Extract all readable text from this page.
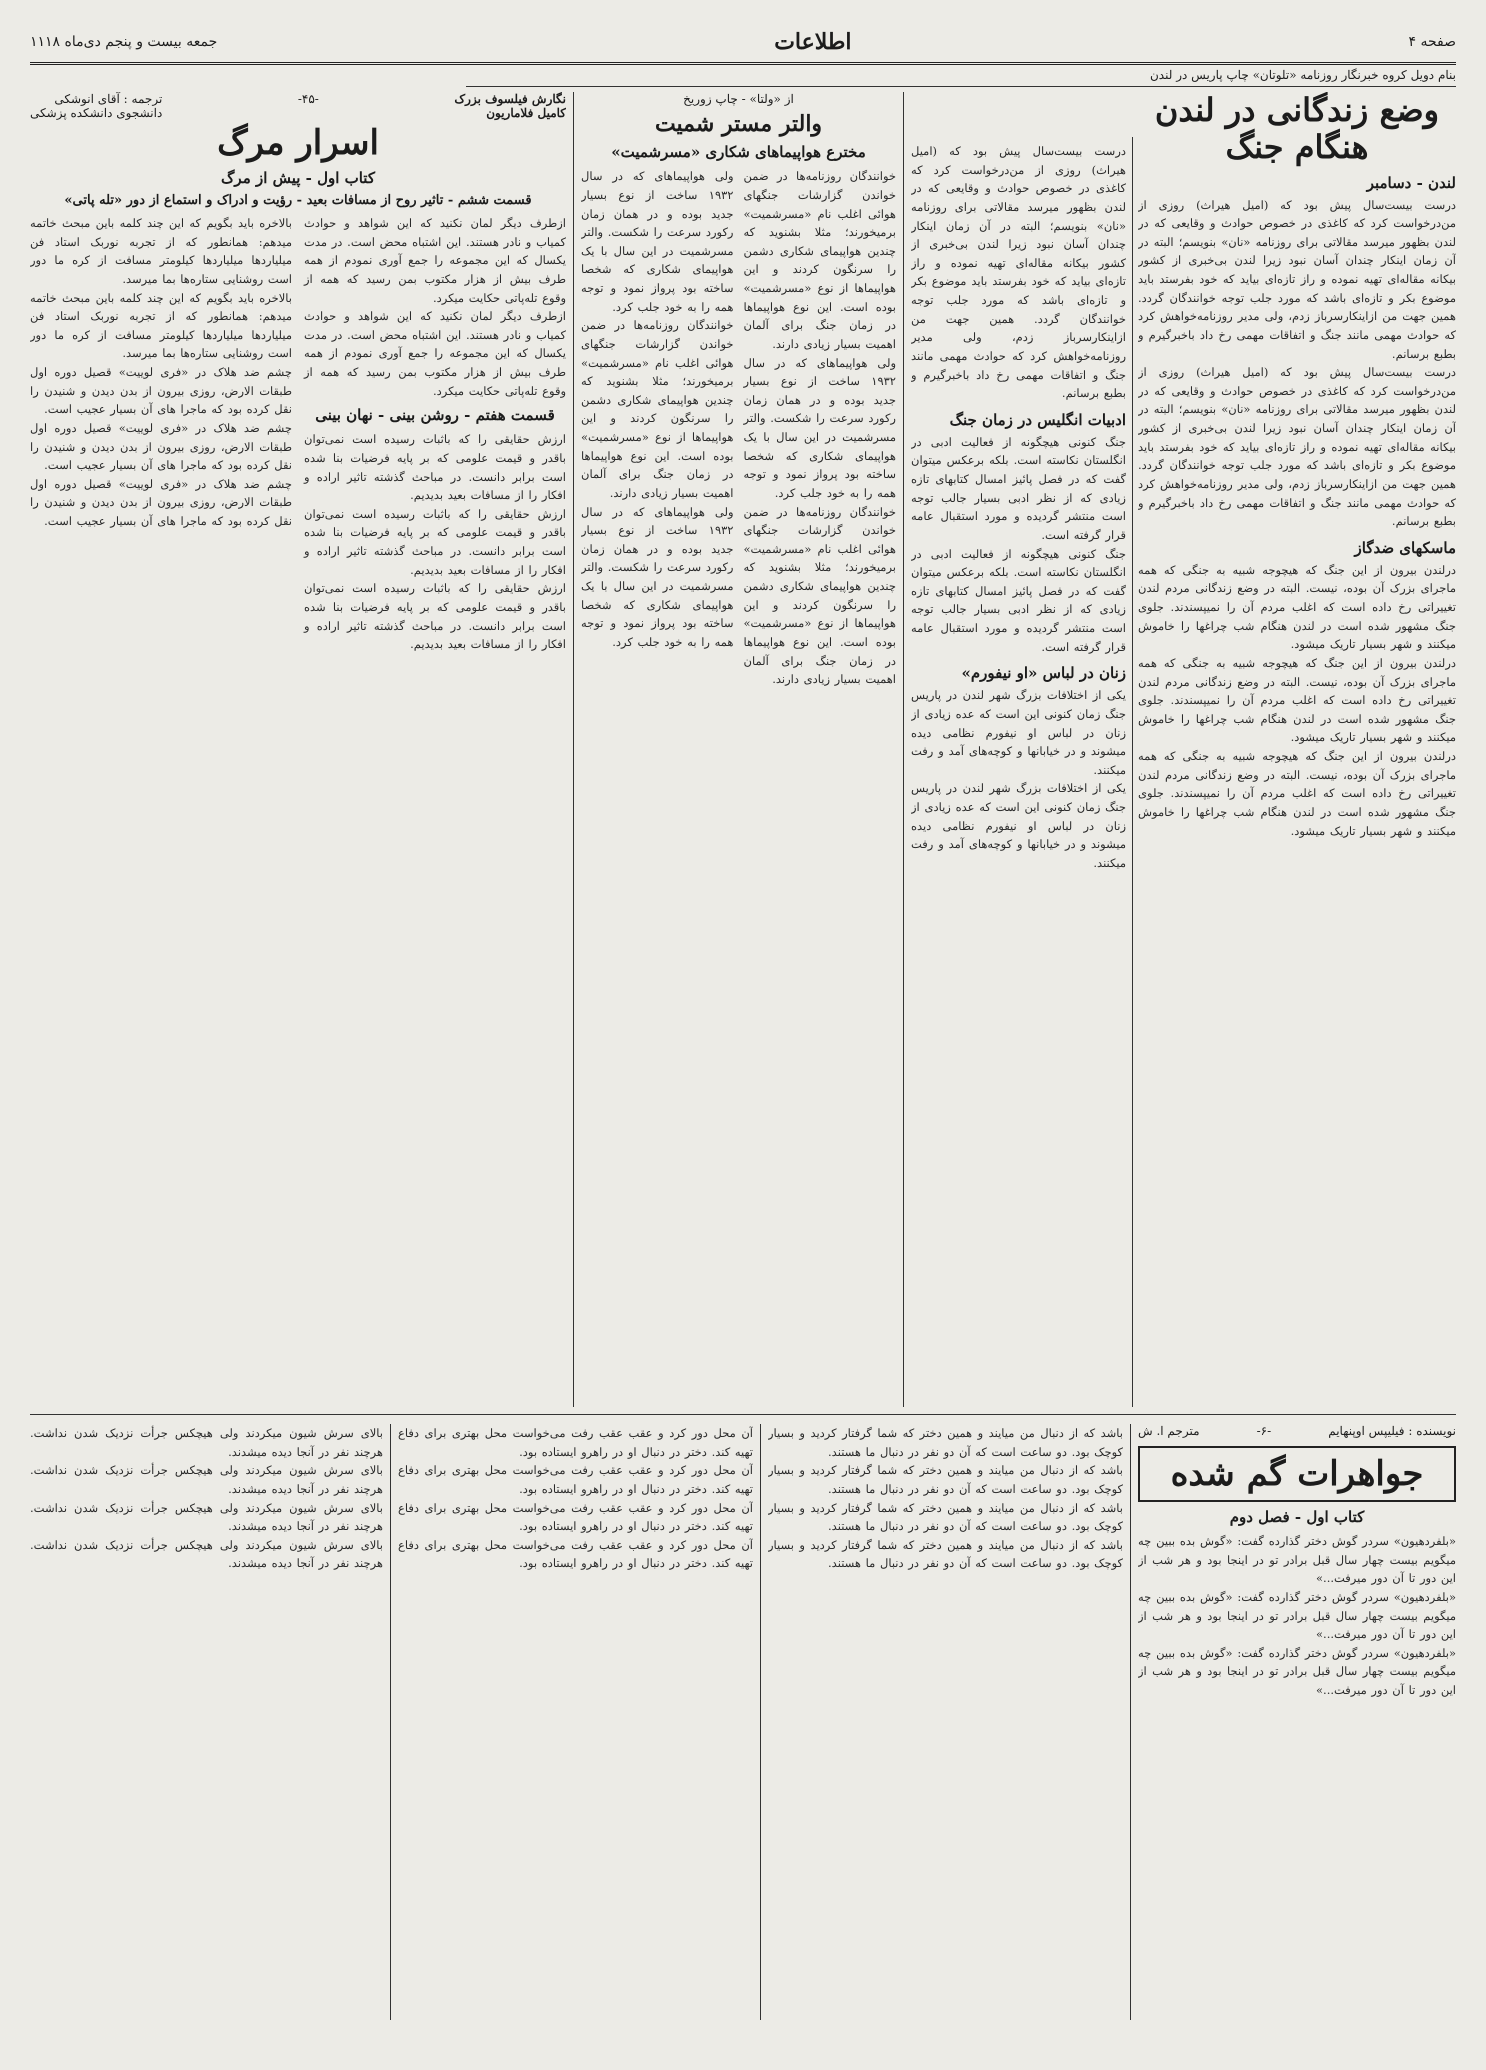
صفحه ۴
اطلاعات
جمعه بیست و پنجم دی‌ماه ۱۱۱۸
بنام دویل کروه خبرنگار روزنامه «تلوتان» چاپ پاریس در لندن
وضع زندگانی در لندن هنگام جنگ
لندن - دسامبر
درست بیست‌سال پیش بود که (امیل هیراث) روزی از من‌درخواست کرد که کاغذی در خصوص حوادث و وقایعی که در لندن بظهور میرسد مقالاتی برای روزنامه «نان» بنویسم؛ البته در آن زمان اینکار چندان آسان نبود زیرا لندن بی‌خبری از کشور بیکانه مقاله‌ای تهیه نموده و راز تازه‌ای بیاید که خود بفرستد باید موضوع بکر و تازه‌ای باشد که مورد جلب توجه خوانندگان گردد. همین جهت من ازاینکارسرباز زدم، ولی مدیر روزنامه‌خواهش کرد که حوادث مهمی مانند جنگ و اتفاقات مهمی رخ داد باخبرگیرم و بطبع برسانم.
درست بیست‌سال پیش بود که (امیل هیراث) روزی از من‌درخواست کرد که کاغذی در خصوص حوادث و وقایعی که در لندن بظهور میرسد مقالاتی برای روزنامه «نان» بنویسم؛ البته در آن زمان اینکار چندان آسان نبود زیرا لندن بی‌خبری از کشور بیکانه مقاله‌ای تهیه نموده و راز تازه‌ای بیاید که خود بفرستد باید موضوع بکر و تازه‌ای باشد که مورد جلب توجه خوانندگان گردد. همین جهت من ازاینکارسرباز زدم، ولی مدیر روزنامه‌خواهش کرد که حوادث مهمی مانند جنگ و اتفاقات مهمی رخ داد باخبرگیرم و بطبع برسانم.
ماسکهای ضدگاز
درلندن بیرون از این جنگ که هیچوجه شبیه به جنگی که همه ماجرای بزرک آن بوده، نیست. البته در وضع زندگانی مردم لندن تغییراتی رخ داده است که اغلب مردم آن را نمیپسندند. جلوی جنگ مشهور شده است در لندن هنگام شب چراغها را خاموش میکنند و شهر بسیار تاریک میشود.
درلندن بیرون از این جنگ که هیچوجه شبیه به جنگی که همه ماجرای بزرک آن بوده، نیست. البته در وضع زندگانی مردم لندن تغییراتی رخ داده است که اغلب مردم آن را نمیپسندند. جلوی جنگ مشهور شده است در لندن هنگام شب چراغها را خاموش میکنند و شهر بسیار تاریک میشود.
درلندن بیرون از این جنگ که هیچوجه شبیه به جنگی که همه ماجرای بزرک آن بوده، نیست. البته در وضع زندگانی مردم لندن تغییراتی رخ داده است که اغلب مردم آن را نمیپسندند. جلوی جنگ مشهور شده است در لندن هنگام شب چراغها را خاموش میکنند و شهر بسیار تاریک میشود.
درست بیست‌سال پیش بود که (امیل هیراث) روزی از من‌درخواست کرد که کاغذی در خصوص حوادث و وقایعی که در لندن بظهور میرسد مقالاتی برای روزنامه «نان» بنویسم؛ البته در آن زمان اینکار چندان آسان نبود زیرا لندن بی‌خبری از کشور بیکانه مقاله‌ای تهیه نموده و راز تازه‌ای بیاید که خود بفرستد باید موضوع بکر و تازه‌ای باشد که مورد جلب توجه خوانندگان گردد. همین جهت من ازاینکارسرباز زدم، ولی مدیر روزنامه‌خواهش کرد که حوادث مهمی مانند جنگ و اتفاقات مهمی رخ داد باخبرگیرم و بطبع برسانم.
ادبیات انگلیس در زمان جنگ
جنگ کنونی هیچگونه از فعالیت ادبی در انگلستان نکاسته است. بلکه برعکس میتوان گفت که در فصل پائیز امسال کتابهای تازه زیادی که از نظر ادبی بسیار جالب توجه است منتشر گردیده و مورد استقبال عامه قرار گرفته است.
جنگ کنونی هیچگونه از فعالیت ادبی در انگلستان نکاسته است. بلکه برعکس میتوان گفت که در فصل پائیز امسال کتابهای تازه زیادی که از نظر ادبی بسیار جالب توجه است منتشر گردیده و مورد استقبال عامه قرار گرفته است.
زنان در لباس «او نیفورم»
یکی از اختلافات بزرگ شهر لندن در پاریس جنگ زمان کنونی این است که عده زیادی از زنان در لباس او نیفورم نظامی دیده میشوند و در خیابانها و کوچه‌های آمد و رفت میکنند.
یکی از اختلافات بزرگ شهر لندن در پاریس جنگ زمان کنونی این است که عده زیادی از زنان در لباس او نیفورم نظامی دیده میشوند و در خیابانها و کوچه‌های آمد و رفت میکنند.
از «ولتا» - چاپ زوریخ
والتر مستر شمیت
مخترع هواپیماهای شکاری «مسرشمیت»
خوانندگان روزنامه‌ها در ضمن خواندن گزارشات جنگهای هوائی اغلب نام «مسرشمیت» برمیخورند؛ مثلا بشنوید که چندین هواپیمای شکاری دشمن را سرنگون کردند و این هواپیماها از نوع «مسرشمیت» بوده است. این نوع هواپیماها در زمان جنگ برای آلمان اهمیت بسیار زیادی دارند.
ولی هواپیماهای که در سال ۱۹۳۲ ساخت از نوع بسیار جدید بوده و در همان زمان رکورد سرعت را شکست. والتر مسرشمیت در این سال با یک هواپیمای شکاری که شخصا ساخته بود پرواز نمود و توجه همه را به خود جلب کرد.
خوانندگان روزنامه‌ها در ضمن خواندن گزارشات جنگهای هوائی اغلب نام «مسرشمیت» برمیخورند؛ مثلا بشنوید که چندین هواپیمای شکاری دشمن را سرنگون کردند و این هواپیماها از نوع «مسرشمیت» بوده است. این نوع هواپیماها در زمان جنگ برای آلمان اهمیت بسیار زیادی دارند.
ولی هواپیماهای که در سال ۱۹۳۲ ساخت از نوع بسیار جدید بوده و در همان زمان رکورد سرعت را شکست. والتر مسرشمیت در این سال با یک هواپیمای شکاری که شخصا ساخته بود پرواز نمود و توجه همه را به خود جلب کرد.
خوانندگان روزنامه‌ها در ضمن خواندن گزارشات جنگهای هوائی اغلب نام «مسرشمیت» برمیخورند؛ مثلا بشنوید که چندین هواپیمای شکاری دشمن را سرنگون کردند و این هواپیماها از نوع «مسرشمیت» بوده است. این نوع هواپیماها در زمان جنگ برای آلمان اهمیت بسیار زیادی دارند.
ولی هواپیماهای که در سال ۱۹۳۲ ساخت از نوع بسیار جدید بوده و در همان زمان رکورد سرعت را شکست. والتر مسرشمیت در این سال با یک هواپیمای شکاری که شخصا ساخته بود پرواز نمود و توجه همه را به خود جلب کرد.
نگارش فیلسوف بزرک
کامیل فلاماریون
-۴۵-
ترجمه : آقای انوشکی
دانشجوی دانشکده پزشکی
اسرار مرگ
کتاب اول - پیش از مرگ
قسمت ششم - تاثیر روح از مسافات بعید - رؤیت و ادراک و استماع از دور «تله پاتی»
ازطرف دیگر لمان نکنید که این شواهد و حوادث کمیاب و نادر هستند. این اشتباه محض است. در مدت یکسال که این مجموعه را جمع آوری نمودم از همه طرف بیش از هزار مکتوب بمن رسید که همه از وقوع تله‌پاتی حکایت میکرد.
ازطرف دیگر لمان نکنید که این شواهد و حوادث کمیاب و نادر هستند. این اشتباه محض است. در مدت یکسال که این مجموعه را جمع آوری نمودم از همه طرف بیش از هزار مکتوب بمن رسید که همه از وقوع تله‌پاتی حکایت میکرد.
قسمت هفتم - روشن بینی - نهان بینی
ارزش حقایقی را که باثبات رسیده است نمی‌توان باقدر و قیمت علومی که بر پایه فرضیات بنا شده است برابر دانست. در مباحث گذشته تاثیر اراده و افکار را از مسافات بعید بدیدیم.
ارزش حقایقی را که باثبات رسیده است نمی‌توان باقدر و قیمت علومی که بر پایه فرضیات بنا شده است برابر دانست. در مباحث گذشته تاثیر اراده و افکار را از مسافات بعید بدیدیم.
ارزش حقایقی را که باثبات رسیده است نمی‌توان باقدر و قیمت علومی که بر پایه فرضیات بنا شده است برابر دانست. در مباحث گذشته تاثیر اراده و افکار را از مسافات بعید بدیدیم.
بالاخره باید بگویم که این چند کلمه باین مبحث خاتمه میدهم: همانطور که از تجربه نوربک استاد فن میلیاردها میلیاردها کیلومتر مسافت از کره ما دور است روشنایی ستاره‌ها بما میرسد.
بالاخره باید بگویم که این چند کلمه باین مبحث خاتمه میدهم: همانطور که از تجربه نوربک استاد فن میلیاردها میلیاردها کیلومتر مسافت از کره ما دور است روشنایی ستاره‌ها بما میرسد.
چشم ضد هلاک در «فری لوییت» قصیل دوره اول طبقات الارض، روزی بیرون از بدن دیدن و شنیدن را نقل کرده بود که ماجرا های آن بسیار عجیب است.
چشم ضد هلاک در «فری لوییت» قصیل دوره اول طبقات الارض، روزی بیرون از بدن دیدن و شنیدن را نقل کرده بود که ماجرا های آن بسیار عجیب است.
چشم ضد هلاک در «فری لوییت» قصیل دوره اول طبقات الارض، روزی بیرون از بدن دیدن و شنیدن را نقل کرده بود که ماجرا های آن بسیار عجیب است.
نویسنده : فیلیپس اوپنهایم
-۶-
مترجم ا. ش
جواهرات گم شده
کتاب اول - فصل دوم
«بلفردهیون» سردر گوش دختر گذارده گفت: «گوش بده ببین چه میگویم بیست چهار سال قبل برادر تو در اینجا بود و هر شب از این دور تا آن دور میرفت...»
«بلفردهیون» سردر گوش دختر گذارده گفت: «گوش بده ببین چه میگویم بیست چهار سال قبل برادر تو در اینجا بود و هر شب از این دور تا آن دور میرفت...»
«بلفردهیون» سردر گوش دختر گذارده گفت: «گوش بده ببین چه میگویم بیست چهار سال قبل برادر تو در اینجا بود و هر شب از این دور تا آن دور میرفت...»
باشد که از دنبال من میایند و همین دختر که شما گرفتار کردید و بسیار کوچک بود. دو ساعت است که آن دو نفر در دنبال ما هستند.
باشد که از دنبال من میایند و همین دختر که شما گرفتار کردید و بسیار کوچک بود. دو ساعت است که آن دو نفر در دنبال ما هستند.
باشد که از دنبال من میایند و همین دختر که شما گرفتار کردید و بسیار کوچک بود. دو ساعت است که آن دو نفر در دنبال ما هستند.
باشد که از دنبال من میایند و همین دختر که شما گرفتار کردید و بسیار کوچک بود. دو ساعت است که آن دو نفر در دنبال ما هستند.
آن محل دور کرد و عقب عقب رفت می‌خواست محل بهتری برای دفاع تهیه کند. دختر در دنبال او در راهرو ایستاده بود.
آن محل دور کرد و عقب عقب رفت می‌خواست محل بهتری برای دفاع تهیه کند. دختر در دنبال او در راهرو ایستاده بود.
آن محل دور کرد و عقب عقب رفت می‌خواست محل بهتری برای دفاع تهیه کند. دختر در دنبال او در راهرو ایستاده بود.
آن محل دور کرد و عقب عقب رفت می‌خواست محل بهتری برای دفاع تهیه کند. دختر در دنبال او در راهرو ایستاده بود.
بالای سرش شیون میکردند ولی هیچکس جرأت نزدیک شدن نداشت. هرچند نفر در آنجا دیده میشدند.
بالای سرش شیون میکردند ولی هیچکس جرأت نزدیک شدن نداشت. هرچند نفر در آنجا دیده میشدند.
بالای سرش شیون میکردند ولی هیچکس جرأت نزدیک شدن نداشت. هرچند نفر در آنجا دیده میشدند.
بالای سرش شیون میکردند ولی هیچکس جرأت نزدیک شدن نداشت. هرچند نفر در آنجا دیده میشدند.
